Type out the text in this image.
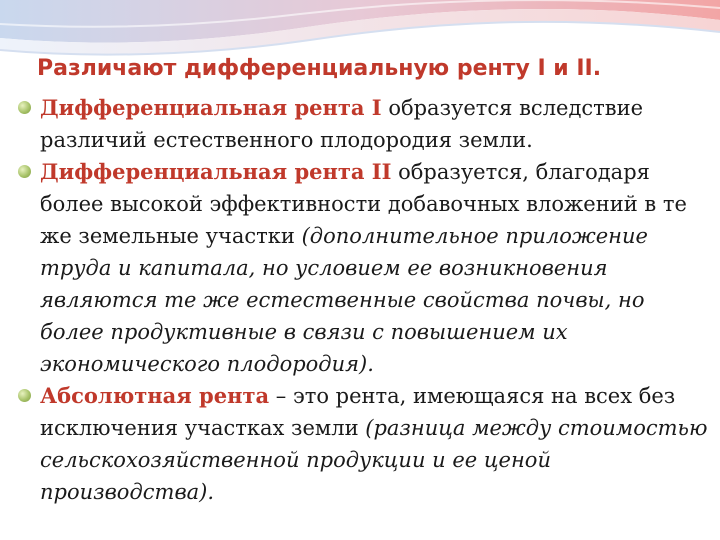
Различают дифференциальную ренту I и II.
Дифференциальная рента I образуется вследствие различий естественного плодородия земли.
Дифференциальная рента II образуется, благодаря более высокой эффективности добавочных вложений в те же земельные участки (дополнительное приложение труда и капитала, но условием ее возникновения являются те же естественные свойства почвы, но более продуктивные в связи с повышением их экономического плодородия).
Абсолютная рента – это рента, имеющаяся на всех без исключения участках земли (разница между стоимостью сельскохозяйственной продукции и ее ценой производства).
